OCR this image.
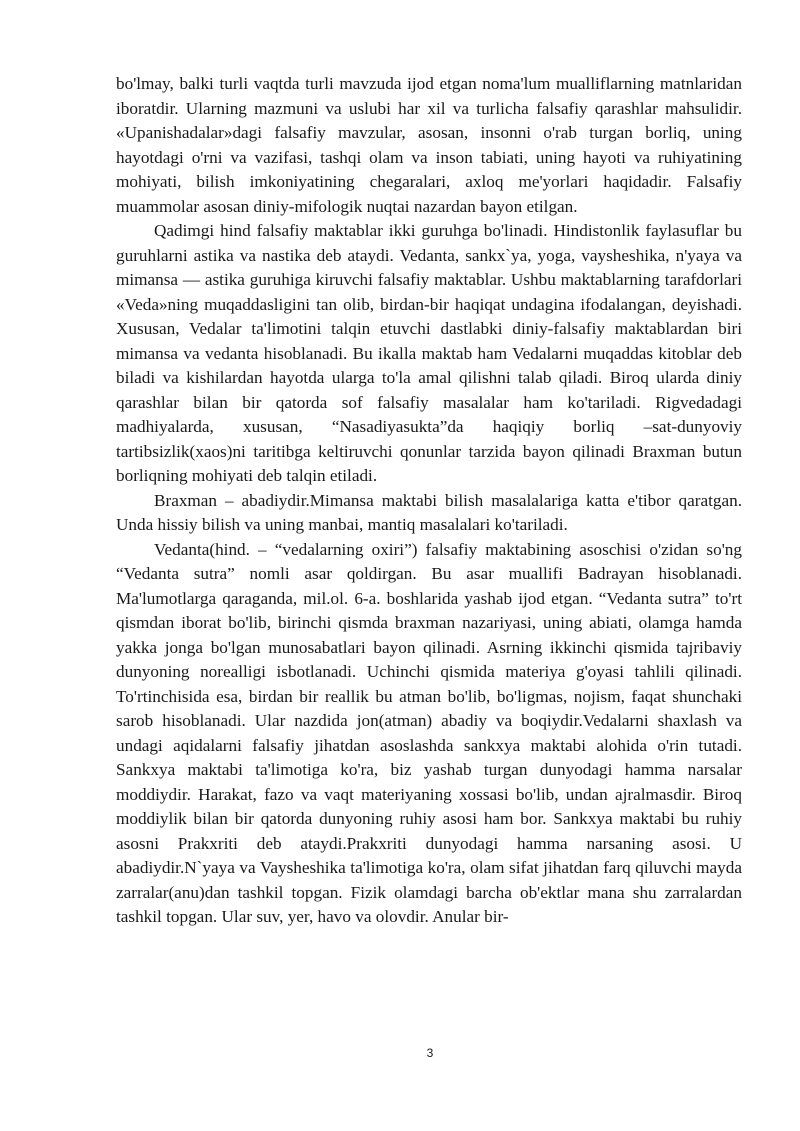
bo'lmay, balki turli vaqtda turli mavzuda ijod etgan noma'lum mualliflarning matnlaridan iboratdir. Ularning mazmuni va uslubi har xil va turlicha falsafiy qarashlar mahsulidir. «Upanishadalar»dagi falsafiy mavzular, asosan, insonni o'rab turgan borliq, uning hayotdagi o'rni va vazifasi, tashqi olam va inson tabiati, uning hayoti va ruhiyatining mohiyati, bilish imkoniyatining chegaralari, axloq me'yorlari haqidadir. Falsafiy muammolar asosan diniy-mifologik nuqtai nazardan bayon etilgan.

Qadimgi hind falsafiy maktablar ikki guruhga bo'linadi. Hindistonlik faylasuflar bu guruhlarni astika va nastika deb ataydi. Vedanta, sankx`ya, yoga, vaysheshika, n'yaya va mimansa — astika guruhiga kiruvchi falsafiy maktablar. Ushbu maktablarning tarafdorlari «Veda»ning muqaddasligini tan olib, birdan-bir haqiqat undagina ifodalangan, deyishadi. Xususan, Vedalar ta'limotini talqin etuvchi dastlabki diniy-falsafiy maktablardan biri mimansa va vedanta hisoblanadi. Bu ikalla maktab ham Vedalarni muqaddas kitoblar deb biladi va kishilardan hayotda ularga to'la amal qilishni talab qiladi. Biroq ularda diniy qarashlar bilan bir qatorda sof falsafiy masalalar ham ko'tariladi. Rigvedadagi madhiyalarda, xususan, “Nasadiyasukta”da haqiqiy borliq –sat-dunyoviy tartibsizlik(xaos)ni taritibga keltiruvchi qonunlar tarzida bayon qilinadi Braxman butun borliqning mohiyati deb talqin etiladi.

Braxman – abadiydir.Mimansa maktabi bilish masalalariga katta e'tibor qaratgan. Unda hissiy bilish va uning manbai, mantiq masalalari ko'tariladi.

Vedanta(hind. – “vedalarning oxiri”) falsafiy maktabining asoschisi o'zidan so'ng “Vedanta sutra” nomli asar qoldirgan. Bu asar muallifi Badrayan hisoblanadi. Ma'lumotlarga qaraganda, mil.ol. 6-a. boshlarida yashab ijod etgan. “Vedanta sutra” to'rt qismdan iborat bo'lib, birinchi qismda braxman nazariyasi, uning abiati, olamga hamda yakka jonga bo'lgan munosabatlari bayon qilinadi. Asrning ikkinchi qismida tajribaviy dunyoning norealligi isbotlanadi. Uchinchi qismida materiya g'oyasi tahlili qilinadi. To'rtinchisida esa, birdan bir reallik bu atman bo'lib, bo'ligmas, nojism, faqat shunchaki sarob hisoblanadi. Ular nazdida jon(atman) abadiy va boqiydir.Vedalarni shaxlash va undagi aqidalarni falsafiy jihatdan asoslashda sankxya maktabi alohida o'rin tutadi. Sankxya maktabi ta'limotiga ko'ra, biz yashab turgan dunyodagi hamma narsalar moddiydir. Harakat, fazo va vaqt materiyaning xossasi bo'lib, undan ajralmasdir. Biroq moddiylik bilan bir qatorda dunyoning ruhiy asosi ham bor. Sankxya maktabi bu ruhiy asosni Prakxriti deb ataydi.Prakxriti dunyodagi hamma narsaning asosi. U abadiydir.N`yaya va Vaysheshika ta'limotiga ko'ra, olam sifat jihatdan farq qiluvchi mayda zarralar(anu)dan tashkil topgan. Fizik olamdagi barcha ob'ektlar mana shu zarralardan tashkil topgan. Ular suv, yer, havo va olovdir. Anular bir-

3
